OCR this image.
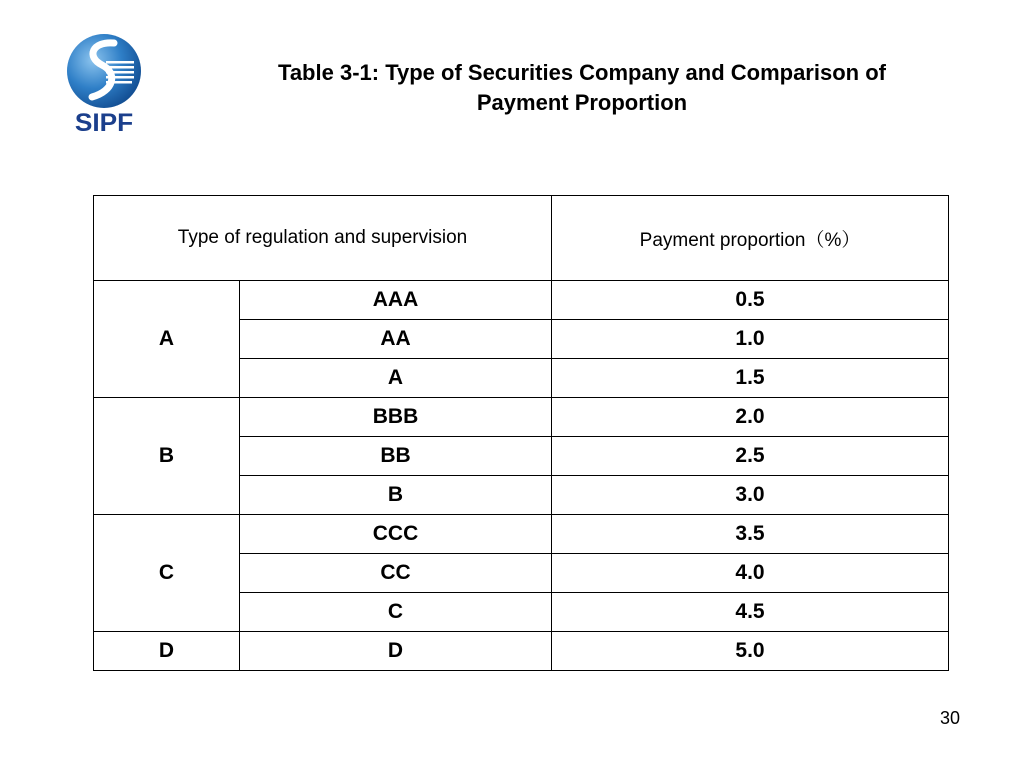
SIPF
Table 3-1: Type of Securities Company and Comparison of
Payment Proportion
Type of regulation and supervision		Payment proportion（%）
A	AAA	0.5
	AA	1.0
	A	1.5
B	BBB	2.0
	BB	2.5
	B	3.0
C	CCC	3.5
	CC	4.0
	C	4.5
D	D	5.0
30
